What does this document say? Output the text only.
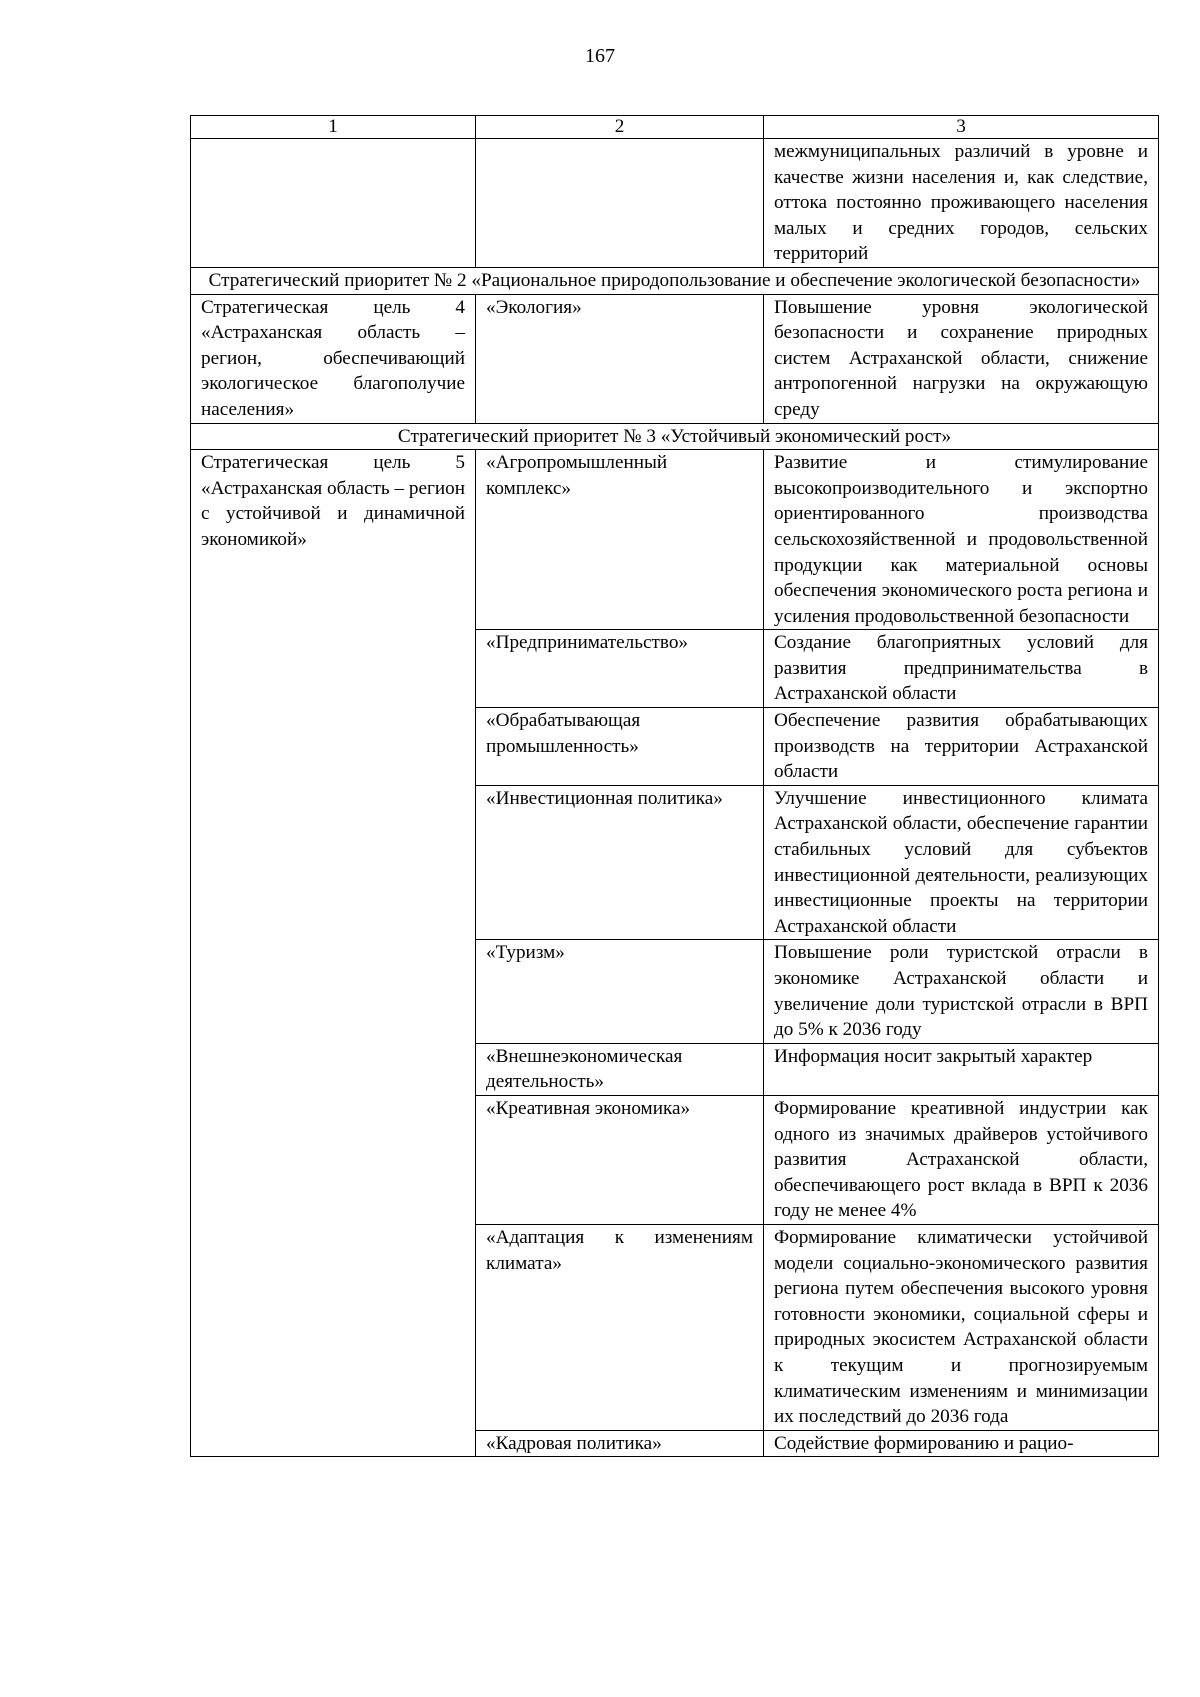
167
1	2	3
		межмуниципальных различий в уровне и качестве жизни населения и, как следствие, оттока постоянно проживающего населения малых и средних городов, сельских территорий
Стратегический приоритет № 2 «Рациональное природопользование и обеспечение экологической безопасности»		
Стратегическая цель 4 «Астраханская область – регион, обеспечивающий экологическое благополучие населения»	«Экология»	Повышение уровня экологической безопасности и сохранение природных систем Астраханской области, снижение антропогенной нагрузки на окружающую среду
Стратегический приоритет № 3 «Устойчивый экономический рост»		
Стратегическая цель 5 «Астраханская область – регион с устойчивой и динамичной экономикой»	«Агропромышленный комплекс»	Развитие и стимулирование высокопроизводительного и экспортно ориентированного производства сельскохозяйственной и продовольственной продукции как материальной основы обеспечения экономического роста региона и усиления продовольственной безопасности
	«Предпринимательство»	Создание благоприятных условий для развития предпринимательства в Астраханской области
	«Обрабатывающая промышленность»	Обеспечение развития обрабатывающих производств на территории Астраханской области
	«Инвестиционная политика»	Улучшение инвестиционного климата Астраханской области, обеспечение гарантии стабильных условий для субъектов инвестиционной деятельности, реализующих инвестиционные проекты на территории Астраханской области
	«Туризм»	Повышение роли туристской отрасли в экономике Астраханской области и увеличение доли туристской отрасли в ВРП до 5% к 2036 году
	«Внешнеэкономическая деятельность»	Информация носит закрытый характер
	«Креативная экономика»	Формирование креативной индустрии как одного из значимых драйверов устойчивого развития Астраханской области, обеспечивающего рост вклада в ВРП к 2036 году не менее 4%
	«Адаптация к изменениям климата»	Формирование климатически устойчивой модели социально-экономического развития региона путем обеспечения высокого уровня готовности экономики, социальной сферы и природных экосистем Астраханской области к текущим и прогнозируемым климатическим изменениям и минимизации их последствий до 2036 года
	«Кадровая политика»	Содействие формированию и рацио-
